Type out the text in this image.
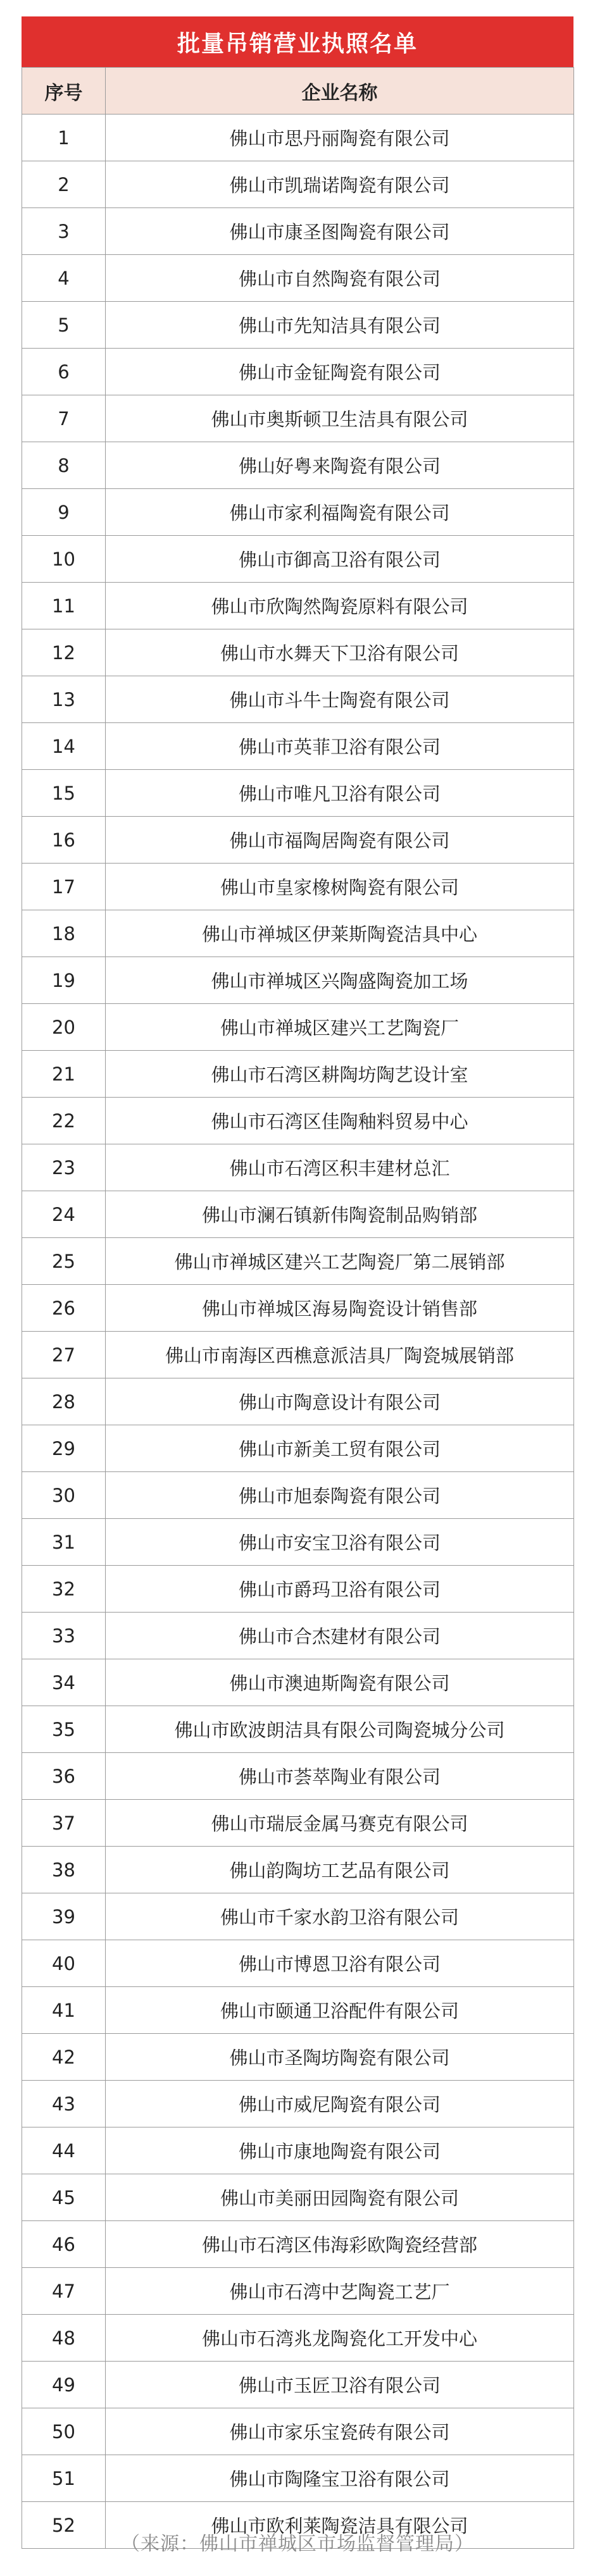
批量吊销营业执照名单
序号	企业名称
1	佛山市思丹丽陶瓷有限公司
2	佛山市凯瑞诺陶瓷有限公司
3	佛山市康圣图陶瓷有限公司
4	佛山市自然陶瓷有限公司
5	佛山市先知洁具有限公司
6	佛山市金钲陶瓷有限公司
7	佛山市奥斯顿卫生洁具有限公司
8	佛山好粤来陶瓷有限公司
9	佛山市家利福陶瓷有限公司
10	佛山市御高卫浴有限公司
11	佛山市欣陶然陶瓷原料有限公司
12	佛山市水舞天下卫浴有限公司
13	佛山市斗牛士陶瓷有限公司
14	佛山市英菲卫浴有限公司
15	佛山市唯凡卫浴有限公司
16	佛山市福陶居陶瓷有限公司
17	佛山市皇家橡树陶瓷有限公司
18	佛山市禅城区伊莱斯陶瓷洁具中心
19	佛山市禅城区兴陶盛陶瓷加工场
20	佛山市禅城区建兴工艺陶瓷厂
21	佛山市石湾区耕陶坊陶艺设计室
22	佛山市石湾区佳陶釉料贸易中心
23	佛山市石湾区积丰建材总汇
24	佛山市澜石镇新伟陶瓷制品购销部
25	佛山市禅城区建兴工艺陶瓷厂第二展销部
26	佛山市禅城区海易陶瓷设计销售部
27	佛山市南海区西樵意派洁具厂陶瓷城展销部
28	佛山市陶意设计有限公司
29	佛山市新美工贸有限公司
30	佛山市旭泰陶瓷有限公司
31	佛山市安宝卫浴有限公司
32	佛山市爵玛卫浴有限公司
33	佛山市合杰建材有限公司
34	佛山市澳迪斯陶瓷有限公司
35	佛山市欧波朗洁具有限公司陶瓷城分公司
36	佛山市荟萃陶业有限公司
37	佛山市瑞辰金属马赛克有限公司
38	佛山韵陶坊工艺品有限公司
39	佛山市千家水韵卫浴有限公司
40	佛山市博恩卫浴有限公司
41	佛山市颐通卫浴配件有限公司
42	佛山市圣陶坊陶瓷有限公司
43	佛山市威尼陶瓷有限公司
44	佛山市康地陶瓷有限公司
45	佛山市美丽田园陶瓷有限公司
46	佛山市石湾区伟海彩欧陶瓷经营部
47	佛山市石湾中艺陶瓷工艺厂
48	佛山市石湾兆龙陶瓷化工开发中心
49	佛山市玉匠卫浴有限公司
50	佛山市家乐宝瓷砖有限公司
51	佛山市陶隆宝卫浴有限公司
52	佛山市欧利莱陶瓷洁具有限公司
（来源：佛山市禅城区市场监督管理局）
